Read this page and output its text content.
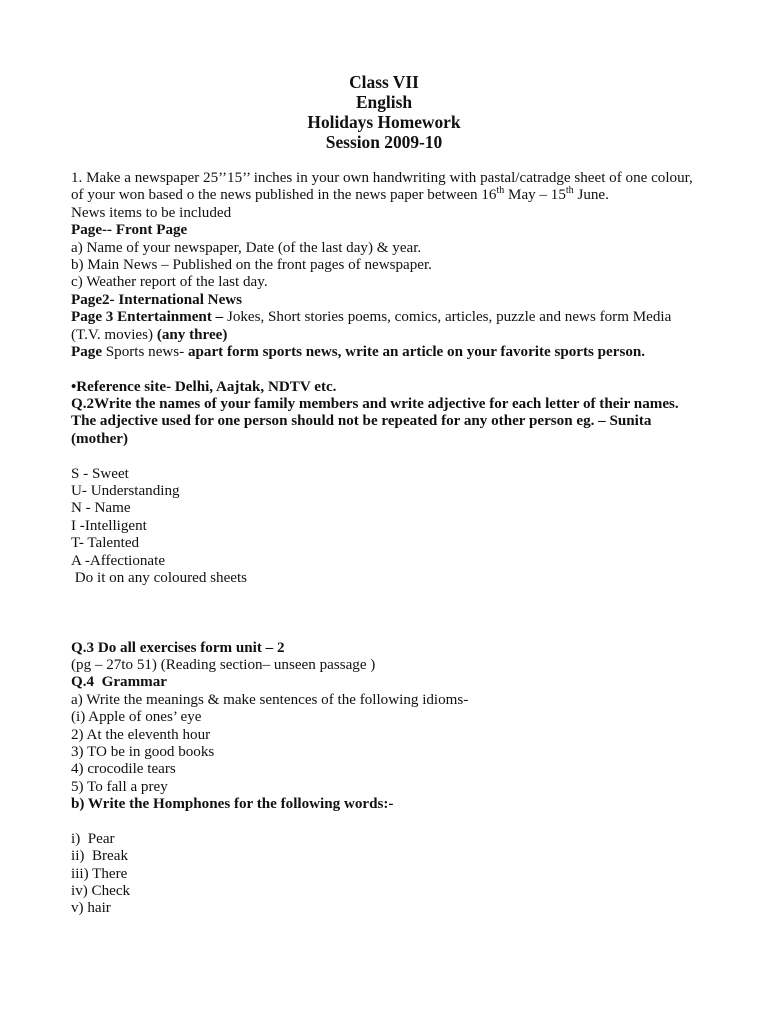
Class VII
English
Holidays Homework
Session 2009-10
1. Make a newspaper 25’’15’’ inches in your own handwriting with pastal/catradge sheet of one colour,
of your won based o the news published in the news paper between 16th May – 15th June.
News items to be included
Page-- Front Page
a) Name of your newspaper, Date (of the last day) & year.
b) Main News – Published on the front pages of newspaper.
c) Weather report of the last day.
Page2- International News
Page 3 Entertainment – Jokes, Short stories poems, comics, articles, puzzle and news form Media
(T.V. movies) (any three)
Page Sports news- apart form sports news, write an article on your favorite sports person.
•Reference site- Delhi, Aajtak, NDTV etc.
Q.2Write the names of your family members and write adjective for each letter of their names.
The adjective used for one person should not be repeated for any other person eg. – Sunita
(mother)
S - Sweet
U- Understanding
N - Name
I -Intelligent
T- Talented
A -Affectionate
Do it on any coloured sheets
Q.3 Do all exercises form unit – 2
(pg – 27to 51) (Reading section– unseen passage )
Q.4  Grammar
a) Write the meanings & make sentences of the following idioms-
(i) Apple of ones’ eye
2) At the eleventh hour
3) TO be in good books
4) crocodile tears
5) To fall a prey
b) Write the Homphones for the following words:-
i)  Pear
ii)  Break
iii) There
iv) Check
v) hair
